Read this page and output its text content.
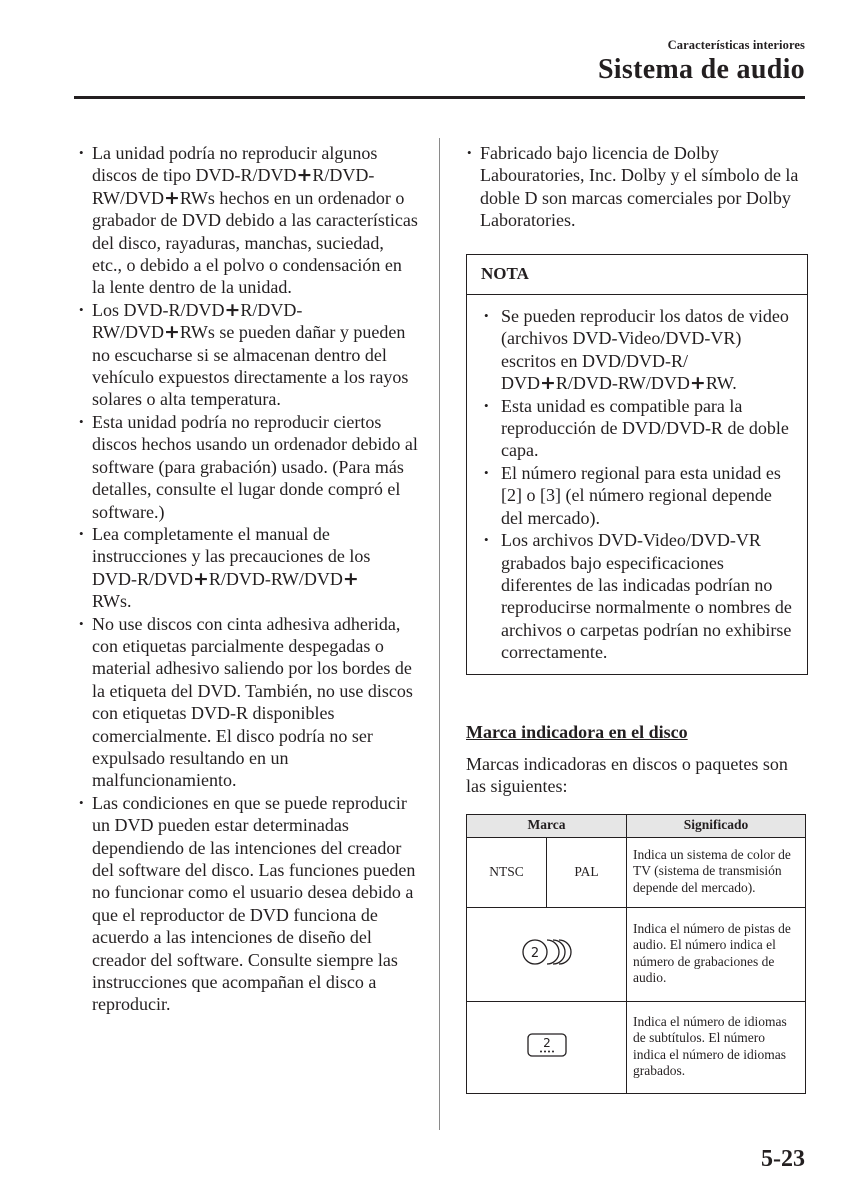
Características interiores
Sistema de audio
• La unidad podría no reproducir algunos discos de tipo DVD-R/DVD+R/DVD-RW/DVD+RWs hechos en un ordenador o grabador de DVD debido a las características del disco, rayaduras, manchas, suciedad, etc., o debido a el polvo o condensación en la lente dentro de la unidad.
• Los DVD-R/DVD+R/DVD-RW/DVD+RWs se pueden dañar y pueden no escucharse si se almacenan dentro del vehículo expuestos directamente a los rayos solares o alta temperatura.
• Esta unidad podría no reproducir ciertos discos hechos usando un ordenador debido al software (para grabación) usado. (Para más detalles, consulte el lugar donde compró el software.)
• Lea completamente el manual de instrucciones y las precauciones de los DVD-R/DVD+R/DVD-RW/DVD+
RWs.
• No use discos con cinta adhesiva adherida, con etiquetas parcialmente despegadas o material adhesivo saliendo por los bordes de la etiqueta del DVD. También, no use discos con etiquetas DVD-R disponibles comercialmente. El disco podría no ser expulsado resultando en un malfuncionamiento.
• Las condiciones en que se puede reproducir un DVD pueden estar determinadas dependiendo de las intenciones del creador del software del disco. Las funciones pueden no funcionar como el usuario desea debido a que el reproductor de DVD funciona de acuerdo a las intenciones de diseño del creador del software. Consulte siempre las instrucciones que acompañan el disco a reproducir.
• Fabricado bajo licencia de Dolby Labouratories, Inc. Dolby y el símbolo de la doble D son marcas comerciales por Dolby Laboratories.
NOTA
• Se pueden reproducir los datos de video (archivos DVD-Video/DVD-VR) escritos en DVD/DVD-R/ DVD+R/DVD-RW/DVD+RW.
• Esta unidad es compatible para la reproducción de DVD/DVD-R de doble capa.
• El número regional para esta unidad es [2] o [3] (el número regional depende del mercado).
• Los archivos DVD-Video/DVD-VR grabados bajo especificaciones diferentes de las indicadas podrían no reproducirse normalmente o nombres de archivos o carpetas podrían no exhibirse correctamente.
Marca indicadora en el disco
Marcas indicadoras en discos o paquetes son las siguientes:
Marca		Significado
NTSC	PAL	Indica un sistema de color de TV (sistema de transmisión depende del mercado).

2		Indica el número de pistas de audio. El número indica el número de grabaciones de audio.

2		Indica el número de idiomas de subtítulos. El número indica el número de idiomas grabados.
5-23
